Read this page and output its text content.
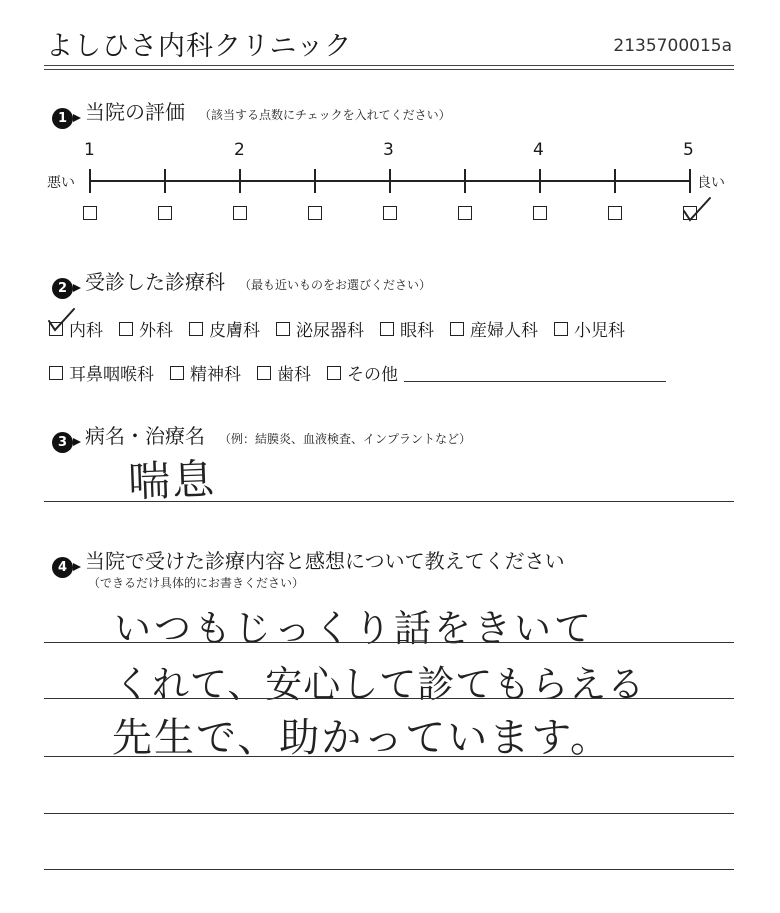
よしひさ内科クリニック	2135700015a
1 当院の評価 （該当する点数にチェックを入れてください）
1	2	3	4	5
悪い	良い
2 受診した診療科 （最も近いものをお選びください）
内科 外科 皮膚科 泌尿器科 眼科 産婦人科 小児科
耳鼻咽喉科 精神科 歯科 その他
3 病名・治療名 （例：結膜炎、血液検査、インプラントなど）
喘息
4 当院で受けた診療内容と感想について教えてください
（できるだけ具体的にお書きください）
いつもじっくり話をきいて
くれて、安心して診てもらえる
先生で、助かっています。
